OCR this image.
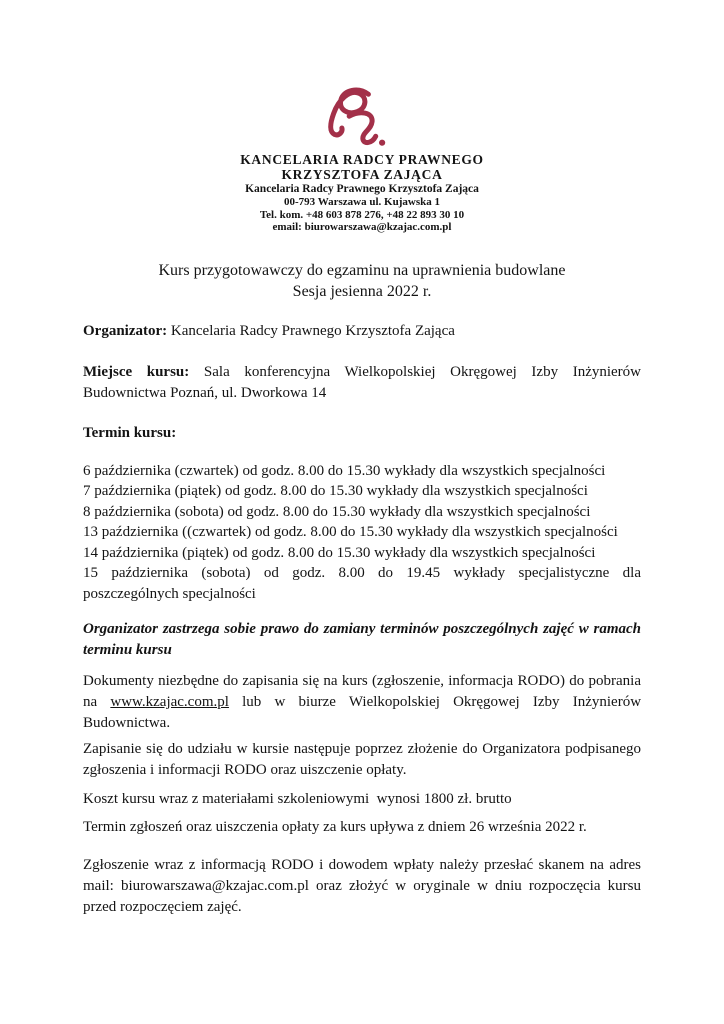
KANCELARIA RADCY PRAWNEGO
KRZYSZTOFA ZAJĄCA
Kancelaria Radcy Prawnego Krzysztofa Zająca
00-793 Warszawa ul. Kujawska 1
Tel. kom. +48 603 878 276, +48 22 893 30 10
email: biurowarszawa@kzajac.com.pl
Kurs przygotowawczy do egzaminu na uprawnienia budowlane
Sesja jesienna 2022 r.
Organizator: Kancelaria Radcy Prawnego Krzysztofa Zająca
Miejsce kursu: Sala konferencyjna Wielkopolskiej Okręgowej Izby Inżynierów Budownictwa Poznań, ul. Dworkowa 14
Termin kursu:
6 października (czwartek) od godz. 8.00 do 15.30 wykłady dla wszystkich specjalności
7 października (piątek) od godz. 8.00 do 15.30 wykłady dla wszystkich specjalności
8 października (sobota) od godz. 8.00 do 15.30 wykłady dla wszystkich specjalności
13 października ((czwartek) od godz. 8.00 do 15.30 wykłady dla wszystkich specjalności
14 października (piątek) od godz. 8.00 do 15.30 wykłady dla wszystkich specjalności
15 października (sobota) od godz. 8.00 do 19.45 wykłady specjalistyczne dla poszczególnych specjalności
Organizator zastrzega sobie prawo do zamiany terminów poszczególnych zajęć w ramach terminu kursu
Dokumenty niezbędne do zapisania się na kurs (zgłoszenie, informacja RODO) do pobrania na www.kzajac.com.pl lub w biurze Wielkopolskiej Okręgowej Izby Inżynierów Budownictwa.
Zapisanie się do udziału w kursie następuje poprzez złożenie do Organizatora podpisanego zgłoszenia i informacji RODO oraz uiszczenie opłaty.
Koszt kursu wraz z materiałami szkoleniowymi  wynosi 1800 zł. brutto
Termin zgłoszeń oraz uiszczenia opłaty za kurs upływa z dniem 26 września 2022 r.
Zgłoszenie wraz z informacją RODO i dowodem wpłaty należy przesłać skanem na adres mail: biurowarszawa@kzajac.com.pl oraz złożyć w oryginale w dniu rozpoczęcia kursu przed rozpoczęciem zajęć.
